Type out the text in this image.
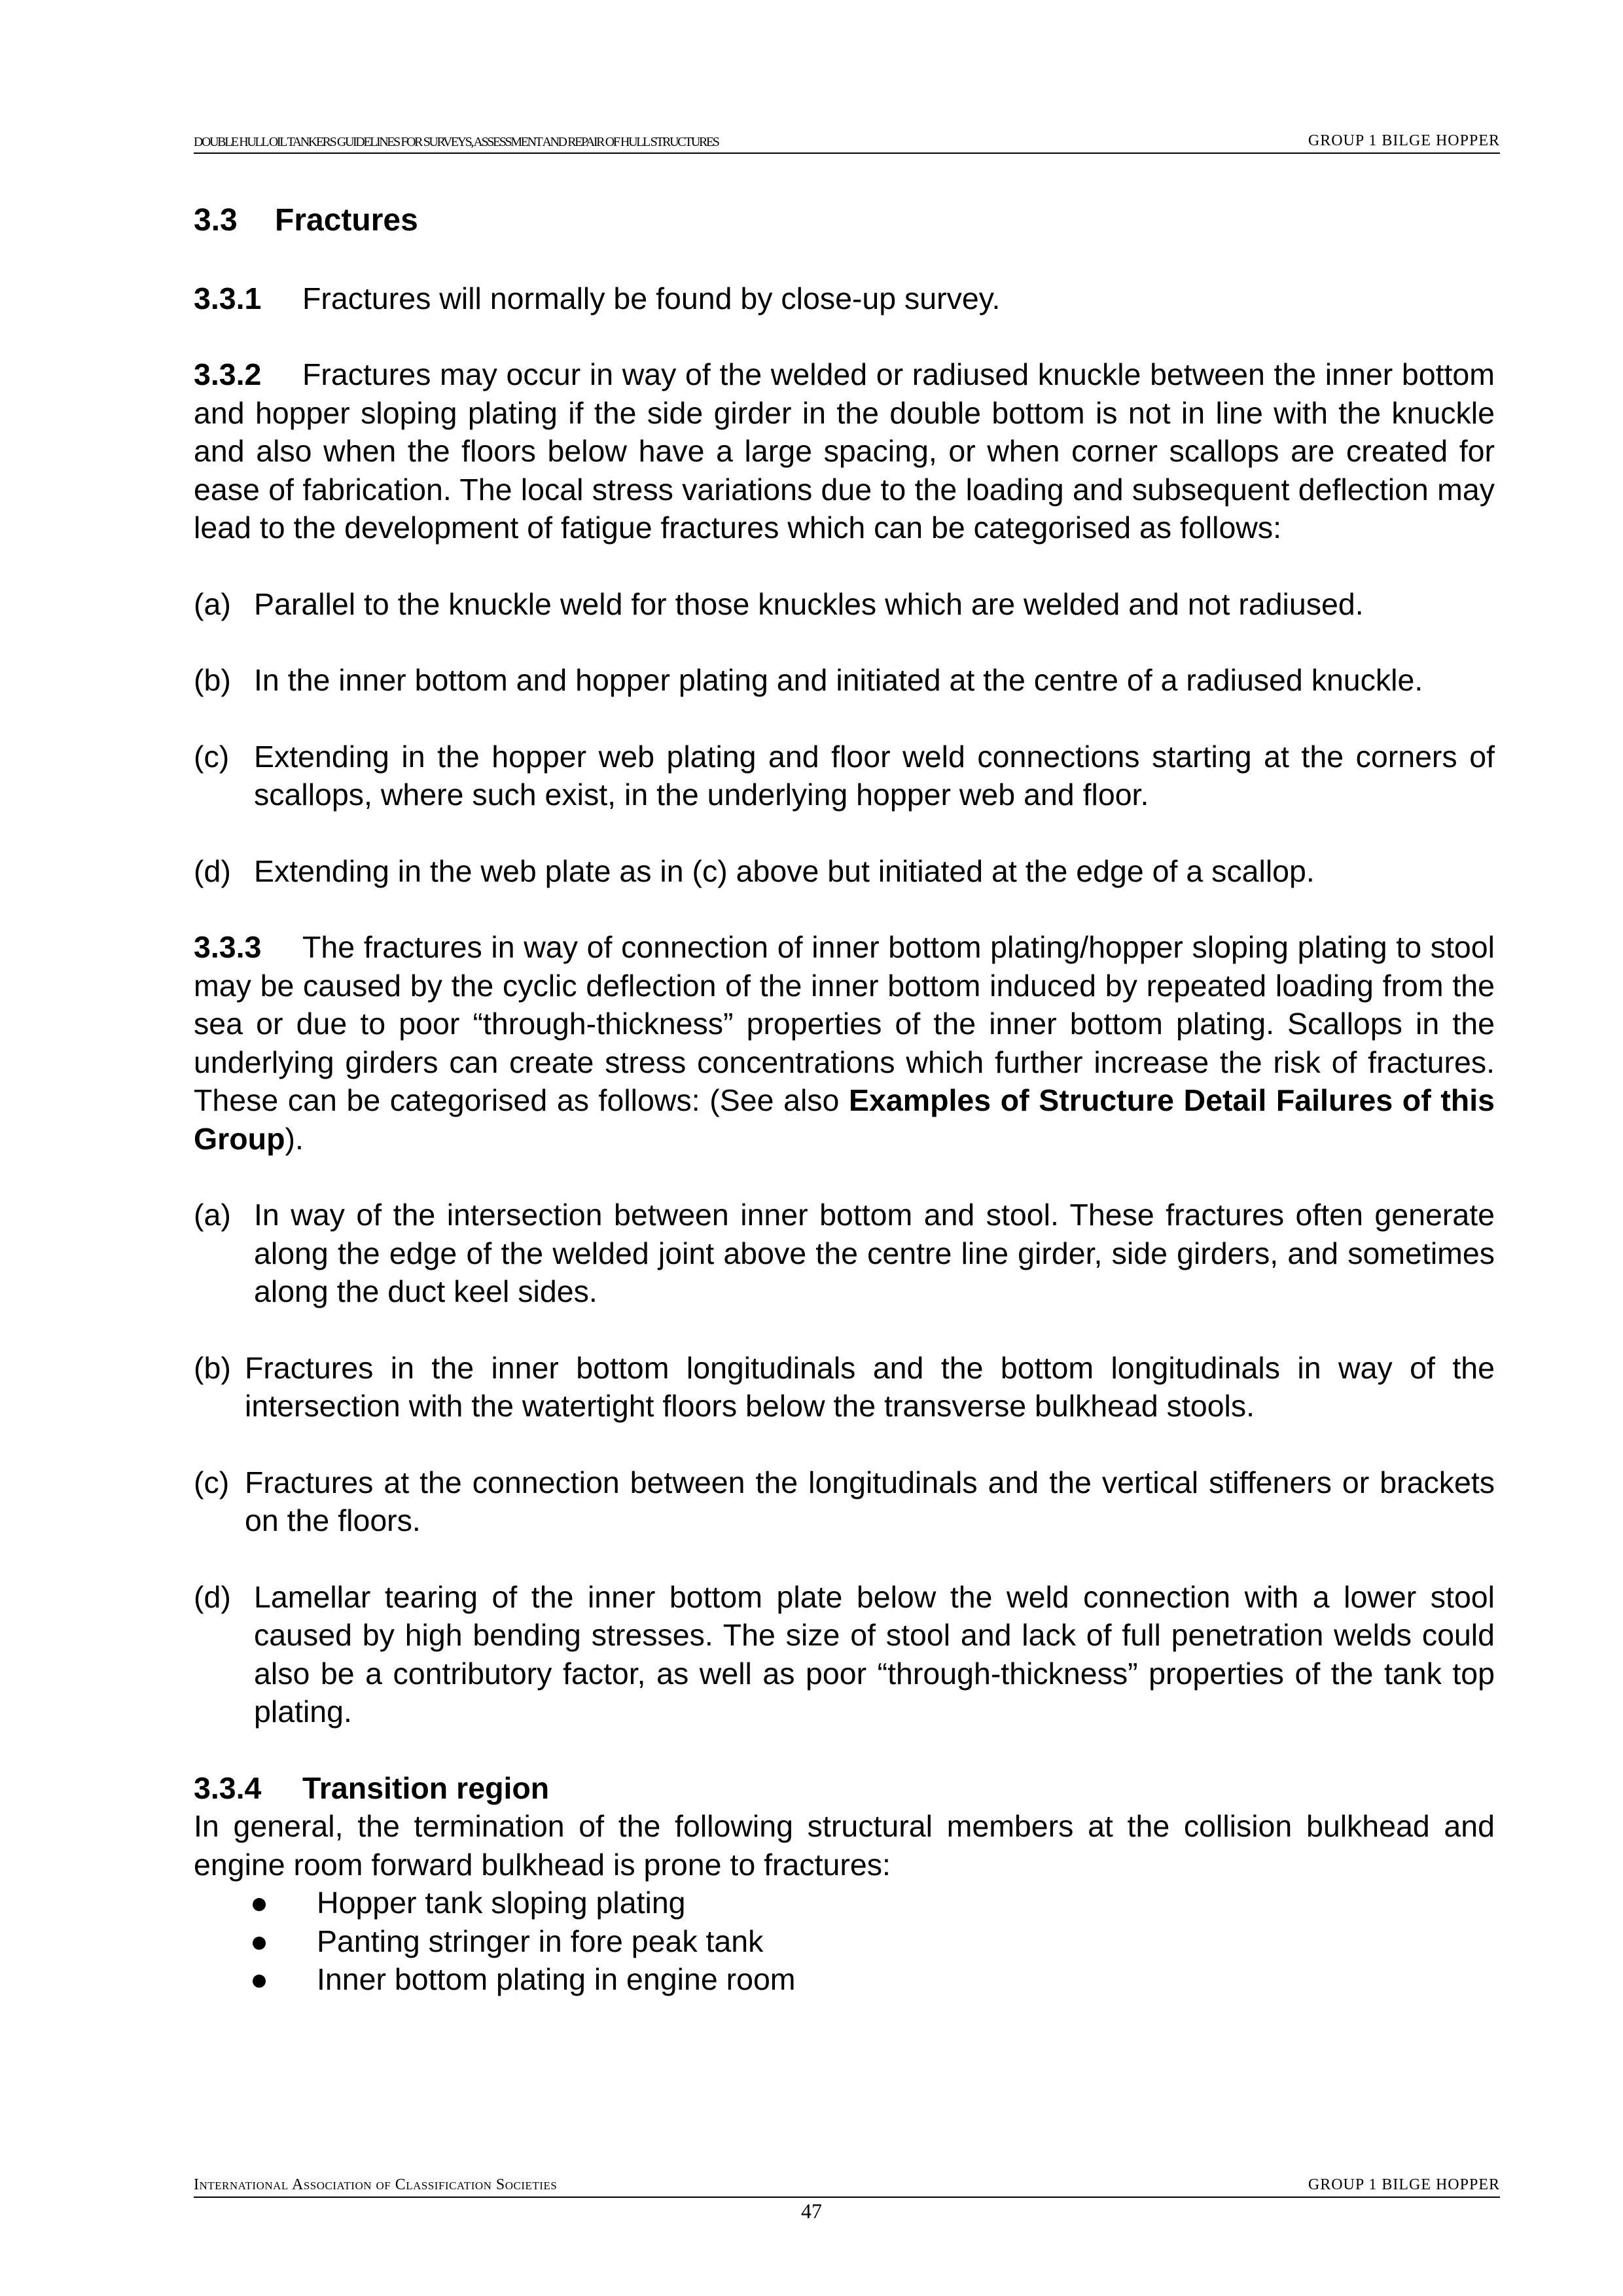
DOUBLE HULL OIL TANKERS GUIDELINES FOR SURVEYS, ASSESSMENT AND REPAIR OF HULL STRUCTURES	GROUP 1 BILGE HOPPER
3.3 Fractures

3.3.1 Fractures will normally be found by close-up survey.

3.3.2 Fractures may occur in way of the welded or radiused knuckle between the inner bottom and hopper sloping plating if the side girder in the double bottom is not in line with the knuckle and also when the floors below have a large spacing, or when corner scallops are created for ease of fabrication. The local stress variations due to the loading and subsequent deflection may lead to the development of fatigue fractures which can be categorised as follows:

(a) Parallel to the knuckle weld for those knuckles which are welded and not radiused.
(b) In the inner bottom and hopper plating and initiated at the centre of a radiused knuckle.
(c) Extending in the hopper web plating and floor weld connections starting at the corners of scallops, where such exist, in the underlying hopper web and floor.
(d) Extending in the web plate as in (c) above but initiated at the edge of a scallop.

3.3.3 The fractures in way of connection of inner bottom plating/hopper sloping plating to stool may be caused by the cyclic deflection of the inner bottom induced by repeated loading from the sea or due to poor “through-thickness” properties of the inner bottom plating. Scallops in the underlying girders can create stress concentrations which further increase the risk of fractures. These can be categorised as follows: (See also Examples of Structure Detail Failures of this Group).

(a) In way of the intersection between inner bottom and stool. These fractures often generate along the edge of the welded joint above the centre line girder, side girders, and sometimes along the duct keel sides.
(b) Fractures in the inner bottom longitudinals and the bottom longitudinals in way of the intersection with the watertight floors below the transverse bulkhead stools.
(c) Fractures at the connection between the longitudinals and the vertical stiffeners or brackets on the floors.
(d) Lamellar tearing of the inner bottom plate below the weld connection with a lower stool caused by high bending stresses. The size of stool and lack of full penetration welds could also be a contributory factor, as well as poor “through-thickness” properties of the tank top plating.

3.3.4 Transition region

In general, the termination of the following structural members at the collision bulkhead and engine room forward bulkhead is prone to fractures:

● Hopper tank sloping plating
● Panting stringer in fore peak tank
● Inner bottom plating in engine room
International Association of Classification Societies	GROUP 1 BILGE HOPPER
47
